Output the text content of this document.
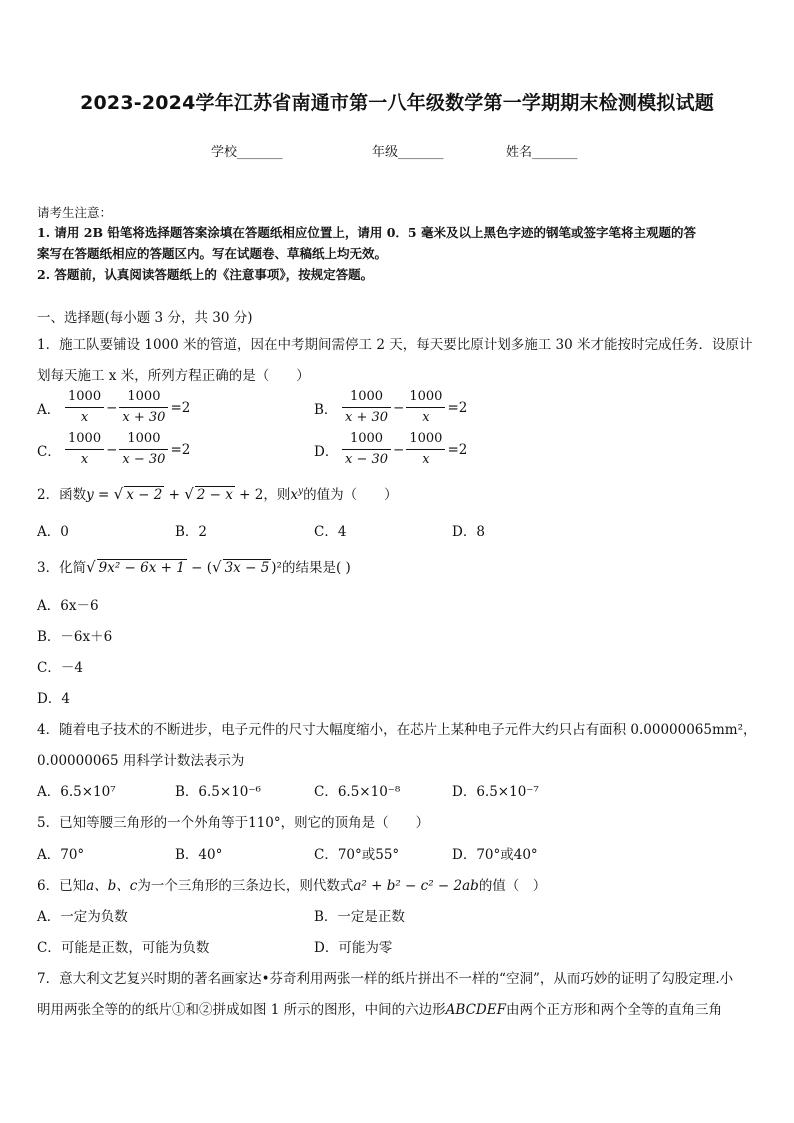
2023-2024学年江苏省南通市第一八年级数学第一学期期末检测模拟试题
学校_______	年级_______	姓名_______
请考生注意：
1. 请用 2B 铅笔将选择题答案涂填在答题纸相应位置上，请用 0．5 毫米及以上黑色字迹的钢笔或签字笔将主观题的答
案写在答题纸相应的答题区内。写在试题卷、草稿纸上均无效。
2. 答题前，认真阅读答题纸上的《注意事项》，按规定答题。
一、选择题(每小题 3 分，共 30 分)
1．施工队要铺设 1000 米的管道，因在中考期间需停工 2 天，每天要比原计划多施工 30 米才能按时完成任务．设原计
划每天施工 x 米，所列方程正确的是（　　）
A． $\frac{1000}{x} - \frac{1000}{x + 30} =2$	B． $\frac{1000}{x + 30} - \frac{1000}{x} =2$
C． $\frac{1000}{x} - \frac{1000}{x - 30} =2$	D． $\frac{1000}{x - 30} - \frac{1000}{x} =2$
2．函数y = √ x − 2 + √ 2 − x + 2，则$x^y$的值为（　　）
A．0	B．2	C．4	D．8
3．化简√ 9x² − 6x + 1 − (√ 3x − 5 )²的结果是( )
A．6x－6
B．－6x＋6
C．－4
D．4
4．随着电子技术的不断进步，电子元件的尺寸大幅度缩小，在芯片上某种电子元件大约只占有面积 0.00000065mm²，
0.00000065 用科学计数法表示为
A．6.5×10⁷	B．6.5×10⁻⁶	C．6.5×10⁻⁸	D．6.5×10⁻⁷
5．已知等腰三角形的一个外角等于110°，则它的顶角是（　　）
A．70°	B．40°	C．70°或55°	D．70°或40°
6．已知a、b、c为一个三角形的三条边长，则代数式a² + b² − c² − 2ab的值（　）
A．一定为负数	B．一定是正数
C．可能是正数，可能为负数	D．可能为零
7．意大利文艺复兴时期的著名画家达•芬奇利用两张一样的纸片拼出不一样的“空洞”，从而巧妙的证明了勾股定理.小
明用两张全等的的纸片①和②拼成如图 1 所示的图形，中间的六边形ABCDEF由两个正方形和两个全等的直角三角
